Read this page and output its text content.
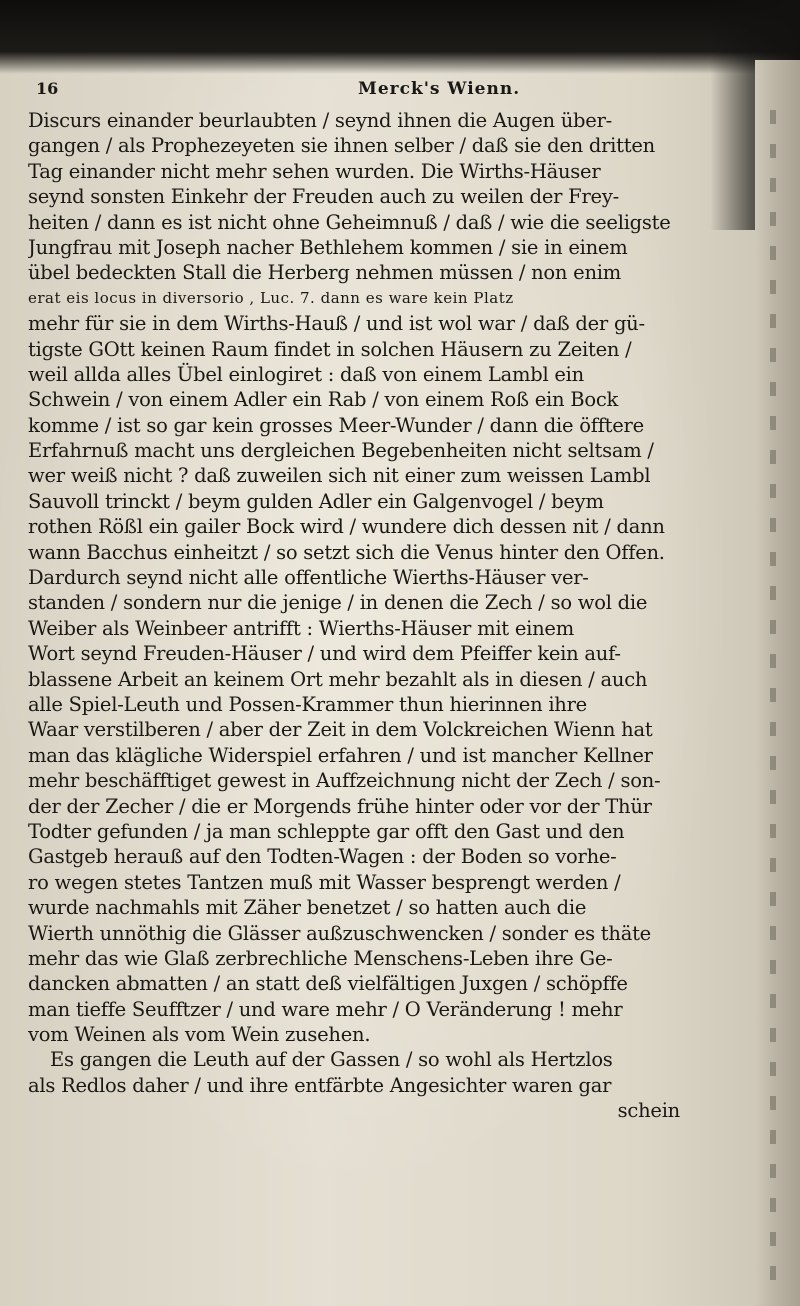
16	Merck's Wienn.
Discurs einander beurlaubten / seynd ihnen die Augen über-
gangen / als Prophezeyeten sie ihnen selber / daß sie den dritten
Tag einander nicht mehr sehen wurden. Die Wirths-Häuser
seynd sonsten Einkehr der Freuden auch zu weilen der Frey-
heiten / dann es ist nicht ohne Geheimnuß / daß / wie die seeligste
Jungfrau mit Joseph nacher Bethlehem kommen / sie in einem
übel bedeckten Stall die Herberg nehmen müssen / non enim
erat eis locus in diversorio , Luc. 7. dann es ware kein Platz
mehr für sie in dem Wirths-Hauß / und ist wol war / daß der gü-
tigste GOtt keinen Raum findet in solchen Häusern zu Zeiten /
weil allda alles Übel einlogiret : daß von einem Lambl ein
Schwein / von einem Adler ein Rab / von einem Roß ein Bock
komme / ist so gar kein grosses Meer-Wunder / dann die öfftere
Erfahrnuß macht uns dergleichen Begebenheiten nicht seltsam /
wer weiß nicht ? daß zuweilen sich nit einer zum weissen Lambl
Sauvoll trinckt / beym gulden Adler ein Galgenvogel / beym
rothen Rößl ein gailer Bock wird / wundere dich dessen nit / dann
wann Bacchus einheitzt / so setzt sich die Venus hinter den Offen.
Dardurch seynd nicht alle offentliche Wierths-Häuser ver-
standen / sondern nur die jenige / in denen die Zech / so wol die
Weiber als Weinbeer antrifft : Wierths-Häuser mit einem
Wort seynd Freuden-Häuser / und wird dem Pfeiffer kein auf-
blassene Arbeit an keinem Ort mehr bezahlt als in diesen / auch
alle Spiel-Leuth und Possen-Krammer thun hierinnen ihre
Waar verstilberen / aber der Zeit in dem Volckreichen Wienn hat
man das klägliche Widerspiel erfahren / und ist mancher Kellner
mehr beschäfftiget gewest in Auffzeichnung nicht der Zech / son-
der der Zecher / die er Morgends frühe hinter oder vor der Thür
Todter gefunden / ja man schleppte gar offt den Gast und den
Gastgeb herauß auf den Todten-Wagen : der Boden so vorhe-
ro wegen stetes Tantzen muß mit Wasser besprengt werden /
wurde nachmahls mit Zäher benetzet / so hatten auch die
Wierth unnöthig die Glässer außzuschwencken / sonder es thäte
mehr das wie Glaß zerbrechliche Menschens-Leben ihre Ge-
dancken abmatten / an statt deß vielfältigen Juxgen / schöpffe
man tieffe Seufftzer / und ware mehr / O Veränderung ! mehr
vom Weinen als vom Wein zusehen.
Es gangen die Leuth auf der Gassen / so wohl als Hertzlos
als Redlos daher / und ihre entfärbte Angesichter waren gar
schein
